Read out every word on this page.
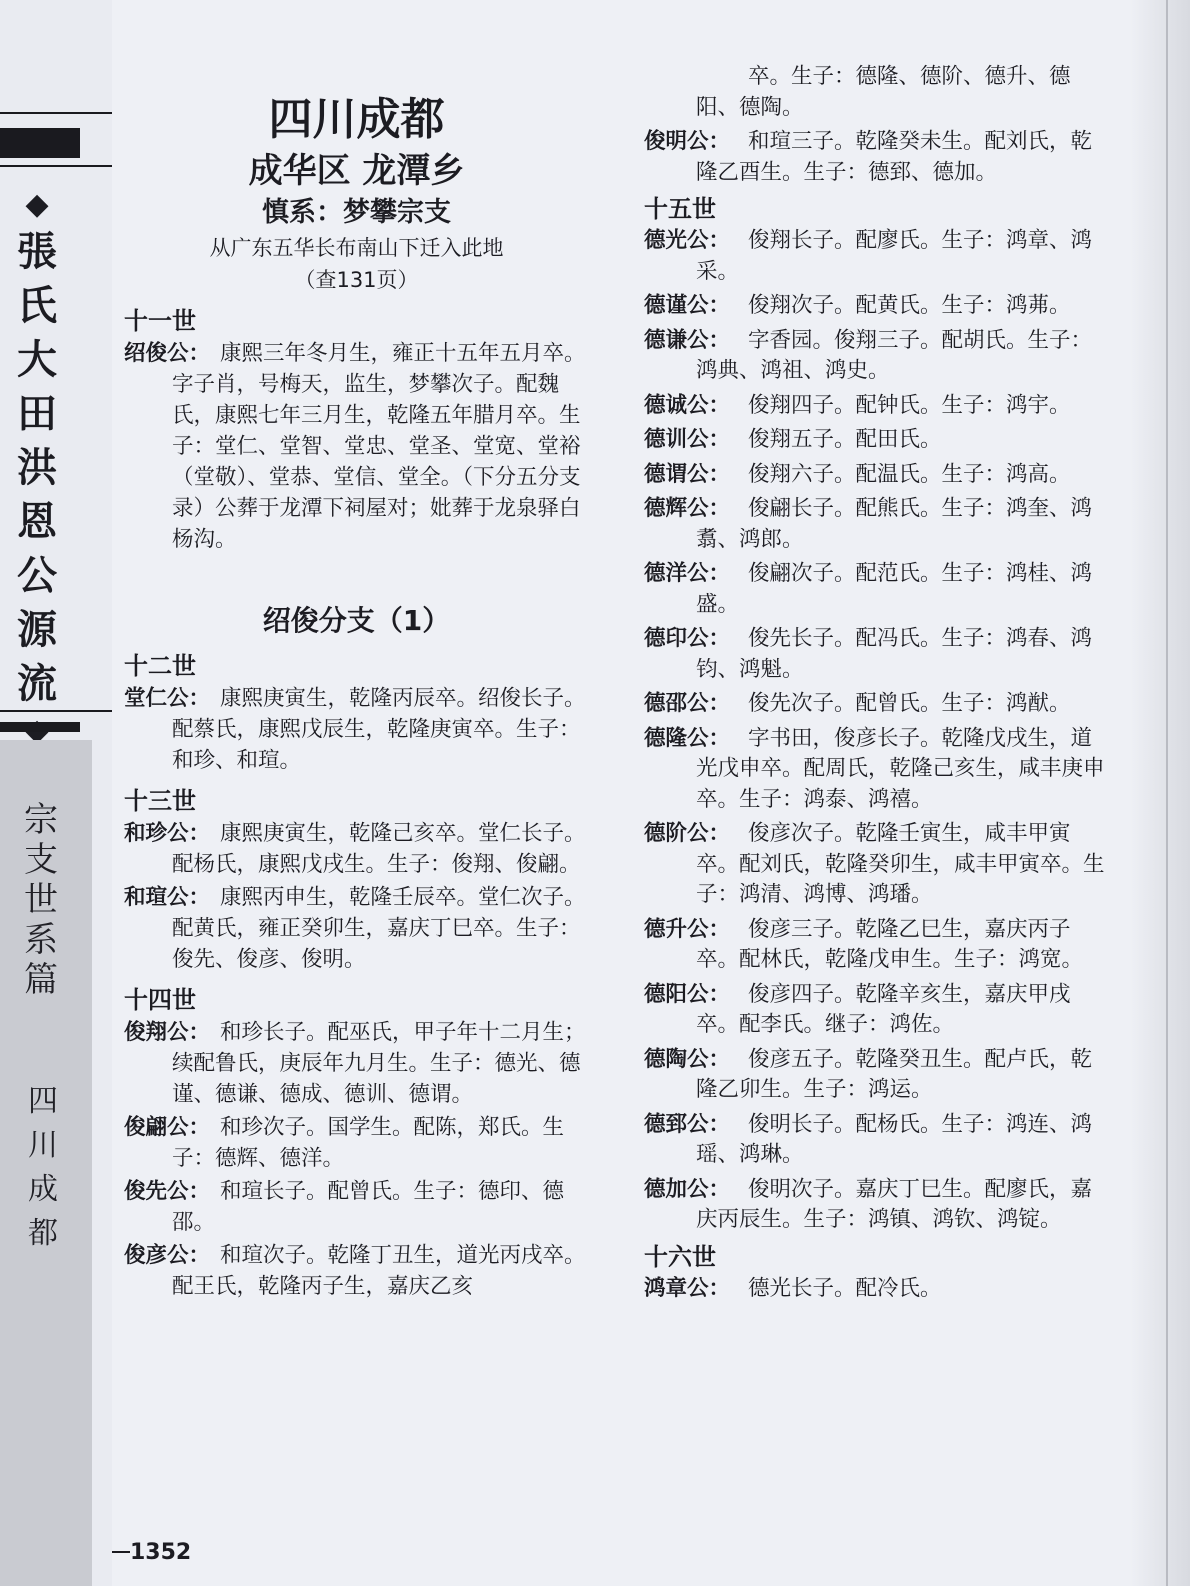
◆
張
氏
大
田
洪
恩
公
源
流
宗
支
世
系
篇
四
川
成
都
1352
四川成都
成华区 龙潭乡
慎系：梦攀宗支
从广东五华长布南山下迁入此地
（查131页）
十一世
绍俊公： 康熙三年冬月生，雍正十五年五月卒。字子肖，号梅天，监生，梦攀次子。配魏氏，康熙七年三月生，乾隆五年腊月卒。生子：堂仁、堂智、堂忠、堂圣、堂宽、堂裕（堂敬）、堂恭、堂信、堂全。（下分五分支录）公葬于龙潭下祠屋对；妣葬于龙泉驿白杨沟。
绍俊分支（1）
十二世
堂仁公： 康熙庚寅生，乾隆丙辰卒。绍俊长子。配蔡氏，康熙戊辰生，乾隆庚寅卒。生子：和珍、和瑄。
十三世
和珍公： 康熙庚寅生，乾隆己亥卒。堂仁长子。配杨氏，康熙戊戌生。生子：俊翔、俊翩。
和瑄公： 康熙丙申生，乾隆壬辰卒。堂仁次子。配黄氏，雍正癸卯生，嘉庆丁巳卒。生子：俊先、俊彦、俊明。
十四世
俊翔公： 和珍长子。配巫氏，甲子年十二月生；续配鲁氏，庚辰年九月生。生子：德光、德谨、德谦、德成、德训、德谓。
俊翩公： 和珍次子。国学生。配陈，郑氏。生子：德辉、德洋。
俊先公： 和瑄长子。配曾氏。生子：德印、德邵。
俊彦公： 和瑄次子。乾隆丁丑生，道光丙戌卒。配王氏，乾隆丙子生，嘉庆乙亥
卒。生子：德隆、德阶、德升、德阳、德陶。
俊明公： 和瑄三子。乾隆癸未生。配刘氏，乾隆乙酉生。生子：德郅、德加。
十五世
德光公： 俊翔长子。配廖氏。生子：鸿章、鸿采。
德谨公： 俊翔次子。配黄氏。生子：鸿茀。
德谦公： 字香园。俊翔三子。配胡氏。生子：鸿典、鸿祖、鸿史。
德诚公： 俊翔四子。配钟氏。生子：鸿宇。
德训公： 俊翔五子。配田氏。
德谓公： 俊翔六子。配温氏。生子：鸿高。
德辉公： 俊翩长子。配熊氏。生子：鸿奎、鸿翥、鸿郎。
德洋公： 俊翩次子。配范氏。生子：鸿桂、鸿盛。
德印公： 俊先长子。配冯氏。生子：鸿春、鸿钧、鸿魁。
德邵公： 俊先次子。配曾氏。生子：鸿猷。
德隆公： 字书田，俊彦长子。乾隆戊戌生，道光戊申卒。配周氏，乾隆己亥生，咸丰庚申卒。生子：鸿泰、鸿禧。
德阶公： 俊彦次子。乾隆壬寅生，咸丰甲寅卒。配刘氏，乾隆癸卯生，咸丰甲寅卒。生子：鸿清、鸿博、鸿璠。
德升公： 俊彦三子。乾隆乙巳生，嘉庆丙子卒。配林氏，乾隆戊申生。生子：鸿宽。
德阳公： 俊彦四子。乾隆辛亥生，嘉庆甲戌卒。配李氏。继子：鸿佐。
德陶公： 俊彦五子。乾隆癸丑生。配卢氏，乾隆乙卯生。生子：鸿运。
德郅公： 俊明长子。配杨氏。生子：鸿连、鸿瑶、鸿琳。
德加公： 俊明次子。嘉庆丁巳生。配廖氏，嘉庆丙辰生。生子：鸿镇、鸿钦、鸿锭。
十六世
鸿章公： 德光长子。配冷氏。
